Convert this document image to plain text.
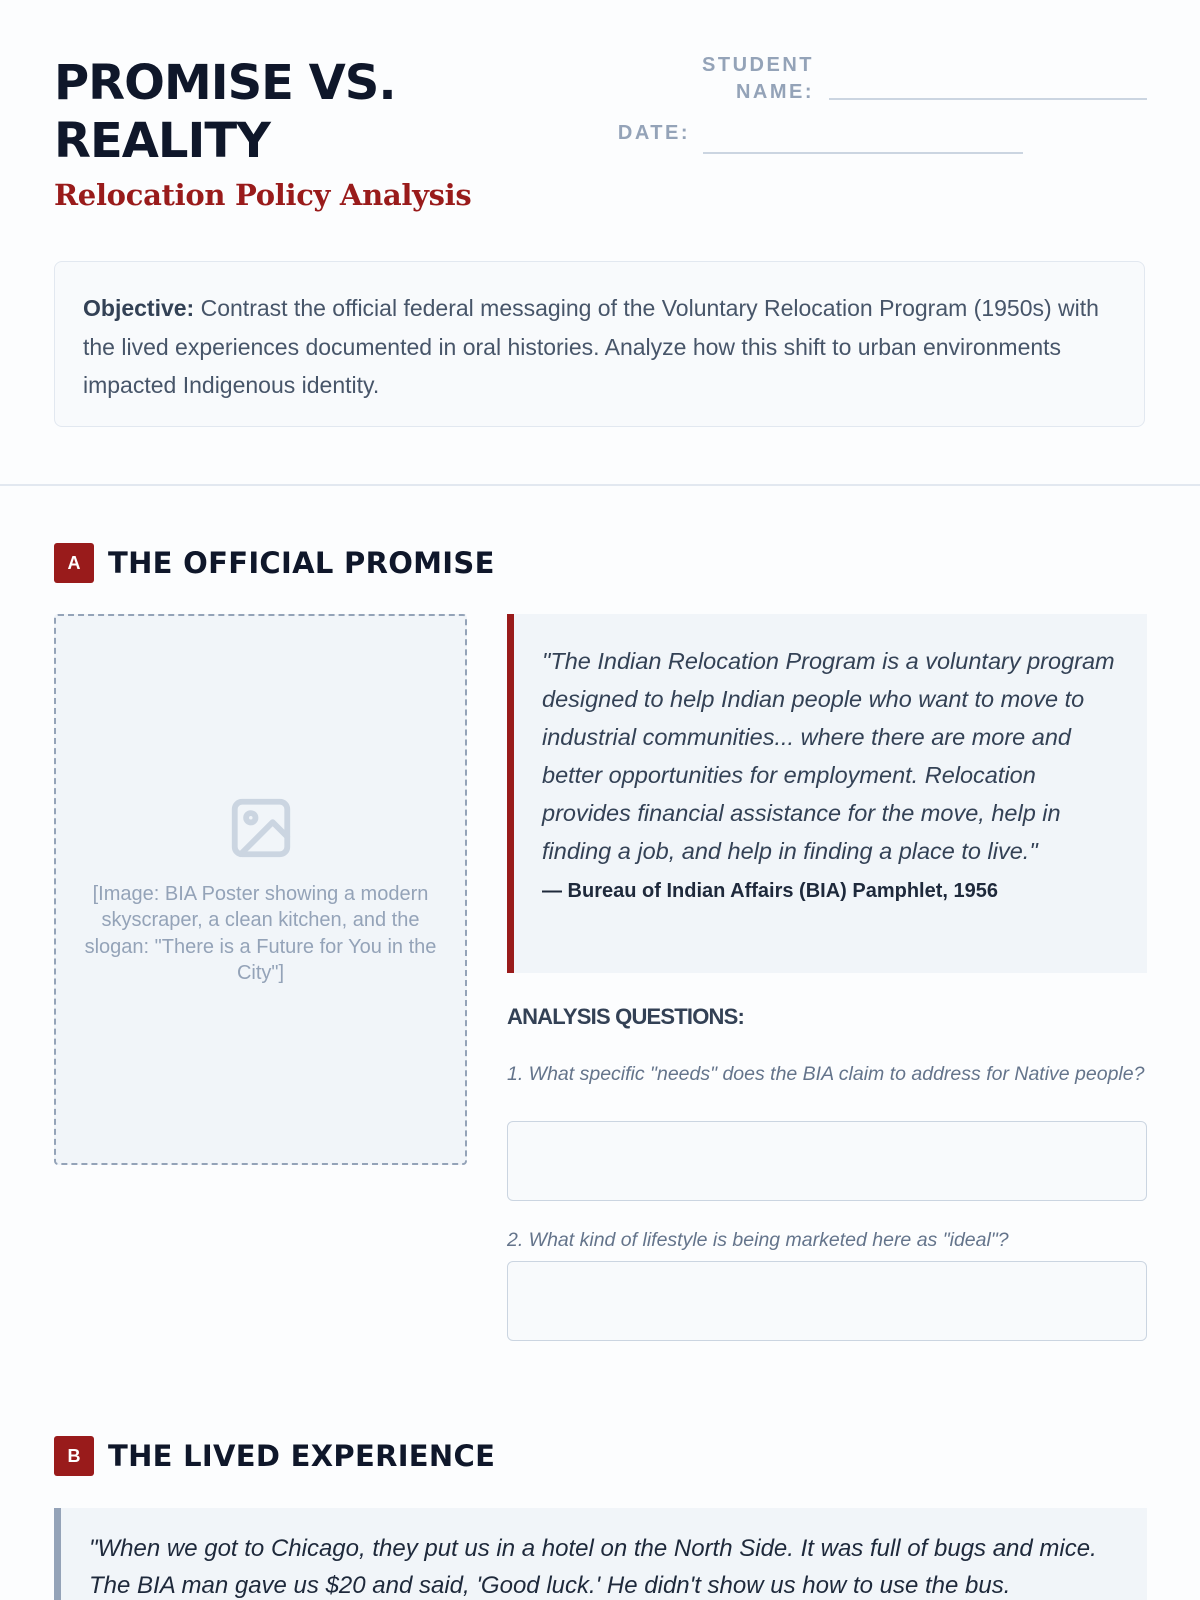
PROMISE VS. REALITY
Relocation Policy Analysis
STUDENT NAME:
DATE:
Objective: Contrast the official federal messaging of the Voluntary Relocation Program (1950s) with the lived experiences documented in oral histories. Analyze how this shift to urban environments impacted Indigenous identity.
A THE OFFICIAL PROMISE
[Image: BIA Poster showing a modern skyscraper, a clean kitchen, and the slogan: "There is a Future for You in the City"]

"The Indian Relocation Program is a voluntary program designed to help Indian people who want to move to industrial communities... where there are more and better opportunities for employment. Relocation provides financial assistance for the move, help in finding a job, and help in finding a place to live."

— Bureau of Indian Affairs (BIA) Pamphlet, 1956
ANALYSIS QUESTIONS:

1. What specific "needs" does the BIA claim to address for Native people?

2. What kind of lifestyle is being marketed here as "ideal"?

B THE LIVED EXPERIENCE

"When we got to Chicago, they put us in a hotel on the North Side. It was full of bugs and mice. The BIA man gave us $20 and said, 'Good luck.' He didn't show us how to use the bus.
